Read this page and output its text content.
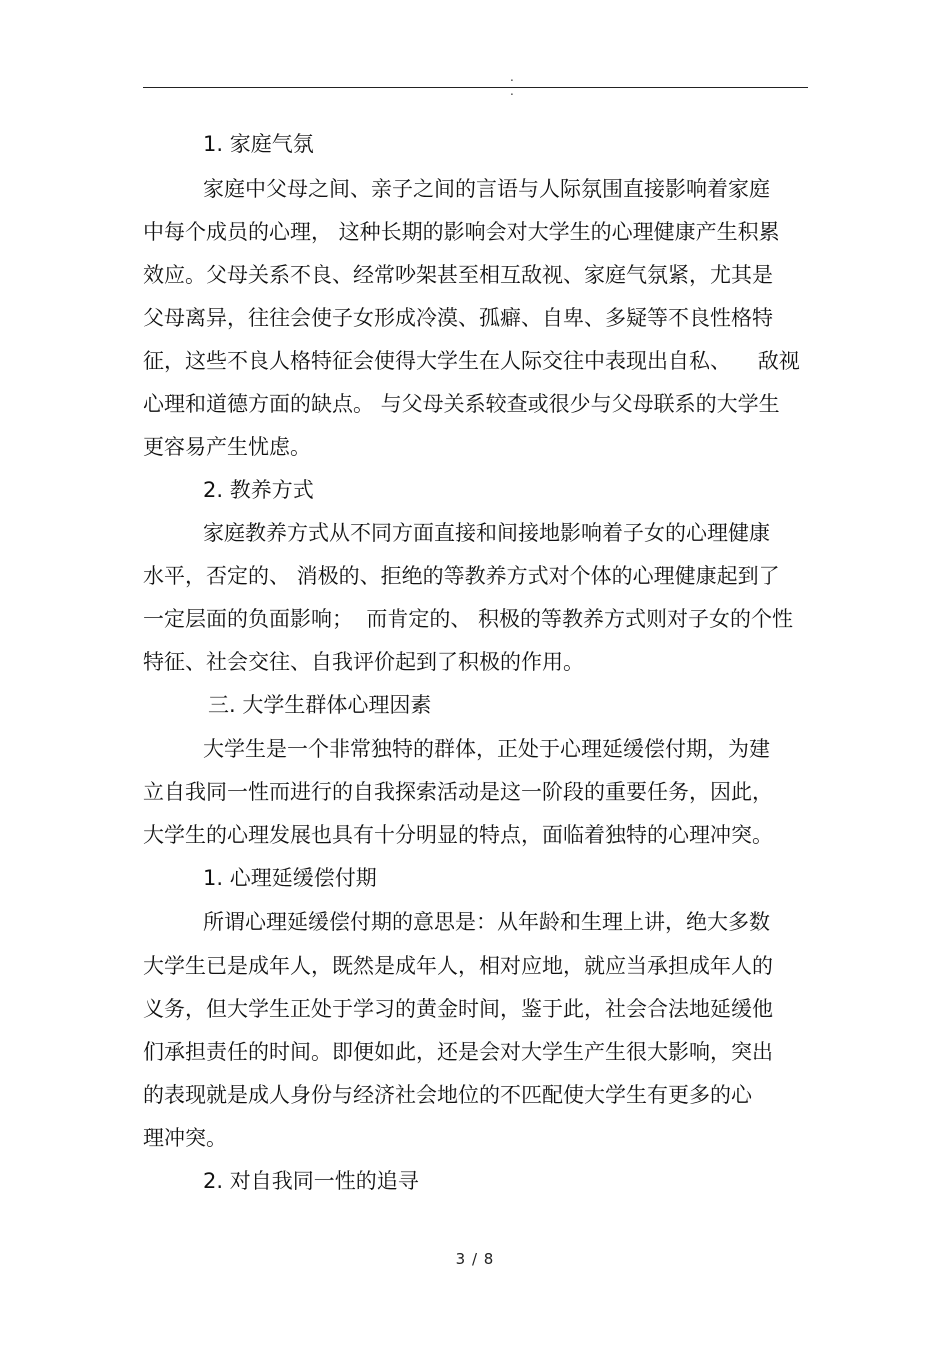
. .
1. 家庭气氛
家庭中父母之间、亲子之间的言语与人际氛围直接影响着家庭
中每个成员的心理， 这种长期的影响会对大学生的心理健康产生积累
效应。父母关系不良、经常吵架甚至相互敌视、家庭气氛紧，尤其是
父母离异，往往会使子女形成冷漠、孤癖、自卑、多疑等不良性格特
征，这些不良人格特征会使得大学生在人际交往中表现出自私、    敌视
心理和道德方面的缺点。 与父母关系较查或很少与父母联系的大学生
更容易产生忧虑。
2. 教养方式
家庭教养方式从不同方面直接和间接地影响着子女的心理健康
水平，否定的、 消极的、拒绝的等教养方式对个体的心理健康起到了
一定层面的负面影响；  而肯定的、 积极的等教养方式则对子女的个性
特征、社会交往、自我评价起到了积极的作用。
三. 大学生群体心理因素
大学生是一个非常独特的群体，正处于心理延缓偿付期，为建
立自我同一性而进行的自我探索活动是这一阶段的重要任务，因此，
大学生的心理发展也具有十分明显的特点，面临着独特的心理冲突。
1. 心理延缓偿付期
所谓心理延缓偿付期的意思是：从年龄和生理上讲，绝大多数
大学生已是成年人，既然是成年人，相对应地，就应当承担成年人的
义务，但大学生正处于学习的黄金时间，鉴于此，社会合法地延缓他
们承担责任的时间。即便如此，还是会对大学生产生很大影响，突出
的表现就是成人身份与经济社会地位的不匹配使大学生有更多的心
理冲突。
2. 对自我同一性的追寻
3 / 8
